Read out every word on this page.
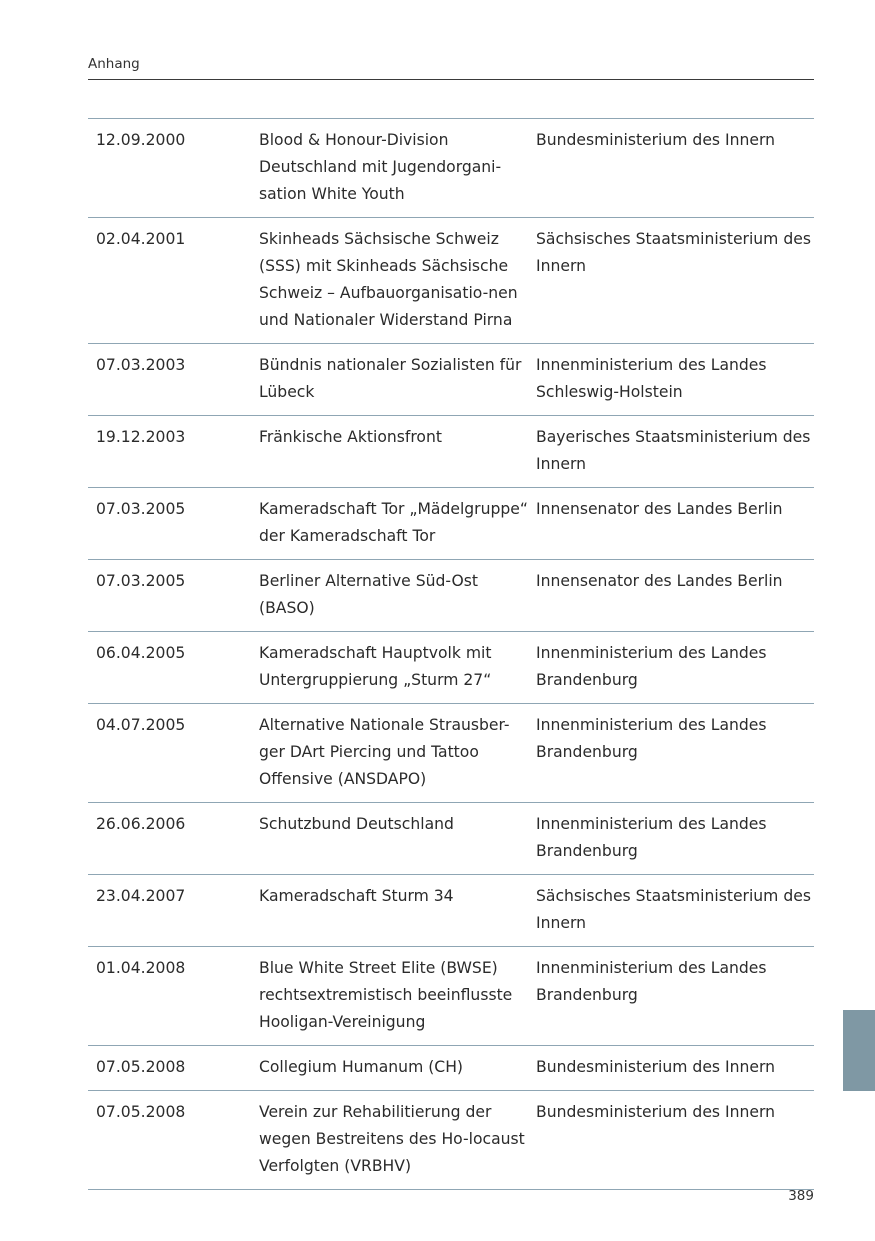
Anhang
12.09.2000	Blood & Honour-Division Deutschland mit Jugendorgani-sation White Youth
Bundesministerium des Innern
02.04.2001	Skinheads Sächsische Schweiz (SSS) mit Skinheads Sächsische Schweiz – Aufbauorganisatio-nen und Nationaler Widerstand Pirna
Sächsisches Staatsministerium des Innern
07.03.2003	Bündnis nationaler Sozialisten für Lübeck
Innenministerium des Landes Schleswig-Holstein
19.12.2003	Fränkische Aktionsfront	Bayerisches Staatsministerium des Innern
07.03.2005	Kameradschaft Tor „Mädelgruppe“ der Kameradschaft Tor
Innensenator des Landes Berlin
07.03.2005	Berliner Alternative Süd-Ost (BASO)
Innensenator des Landes Berlin
06.04.2005	Kameradschaft Hauptvolk mit Untergruppierung „Sturm 27“
Innenministerium des Landes Brandenburg
04.07.2005	Alternative Nationale Strausber-ger DArt Piercing und Tattoo Offensive (ANSDAPO)
Innenministerium des Landes Brandenburg
26.06.2006	Schutzbund Deutschland	Innenministerium des Landes Brandenburg
23.04.2007	Kameradschaft Sturm 34	Sächsisches Staatsministerium des Innern
01.04.2008	Blue White Street Elite (BWSE) rechtsextremistisch beeinflusste Hooligan-Vereinigung
Innenministerium des Landes Brandenburg
07.05.2008	Collegium Humanum (CH)	Bundesministerium des Innern
07.05.2008	Verein zur Rehabilitierung der wegen Bestreitens des Ho-locaust Verfolgten (VRBHV)
Bundesministerium des Innern
389
